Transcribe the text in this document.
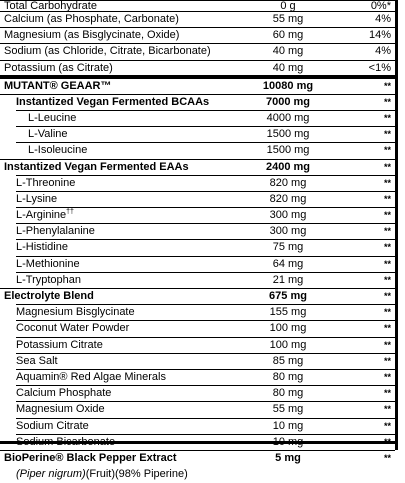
Total Carbohydrate	0 g	0%*
Calcium (as Phosphate, Carbonate)	55 mg	4%
Magnesium (as Bisglycinate, Oxide)	60 mg	14%
Sodium (as Chloride, Citrate, Bicarbonate)	40 mg	4%
Potassium (as Citrate)	40 mg	<1%
MUTANT® GEAAR™	10080 mg	**
Instantized Vegan Fermented BCAAs	7000 mg	**
L-Leucine	4000 mg	**
L-Valine	1500 mg	**
L-Isoleucine	1500 mg	**
Instantized Vegan Fermented EAAs	2400 mg	**
L-Threonine	820 mg	**
L-Lysine	820 mg	**
L-Arginine††	300 mg	**
L-Phenylalanine	300 mg	**
L-Histidine	75 mg	**
L-Methionine	64 mg	**
L-Tryptophan	21 mg	**
Electrolyte Blend	675 mg	**
Magnesium Bisglycinate	155 mg	**
Coconut Water Powder	100 mg	**
Potassium Citrate	100 mg	**
Sea Salt	85 mg	**
Aquamin® Red Algae Minerals	80 mg	**
Calcium Phosphate	80 mg	**
Magnesium Oxide	55 mg	**
Sodium Citrate	10 mg	**
Sodium Bicarbonate	10 mg	**
BioPerine® Black Pepper Extract	5 mg	**
(Piper nigrum)(Fruit)(98% Piperine)
